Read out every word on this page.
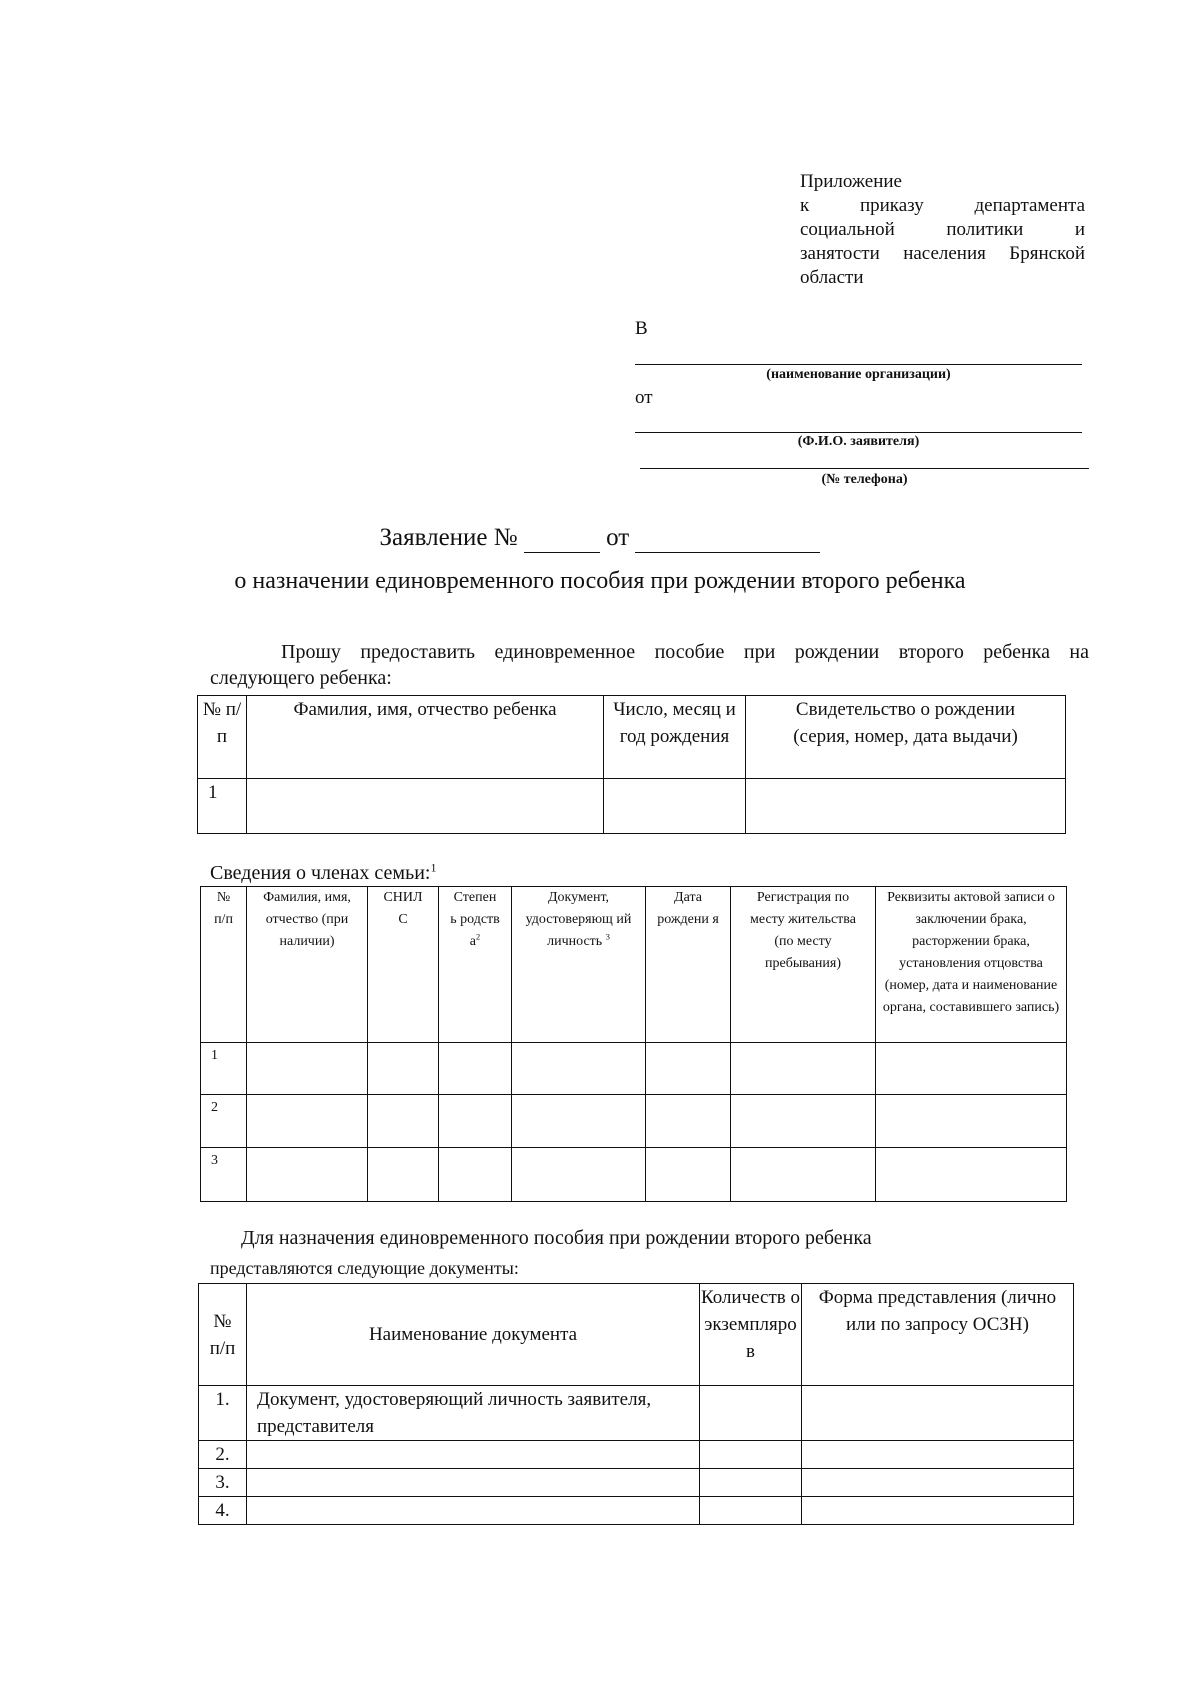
Приложение
к приказу департамента
социальной политики и
занятости населения Брянской
области
В
(наименование организации)
от
(Ф.И.О. заявителя)
(№ телефона)
Заявление №	от
о назначении единовременного пособия при рождении второго ребенка
Прошу предоставить единовременное пособие при рождении второго ребенка на
следующего ребенка:
№ п/ п	Фамилия, имя, отчество ребенка	Число, месяц и год рождения	Свидетельство о рождении (серия, номер, дата выдачи)
1			
Сведения о членах семьи:$^1$
№ п/п	Фамилия, имя, отчество (при наличии)	СНИЛ С	Степен ь родств $а^2$	Документ, удостоверяющ ий личность $^3$	Дата рождени я	Регистрация по месту жительства (по месту пребывания)	Реквизиты актовой записи о заключении брака, расторжении брака, установления отцовства (номер, дата и наименование органа, составившего запись)
1							
2							
3							
Для назначения единовременного пособия при рождении второго ребенка
представляются следующие документы:
№ п/п	Наименование документа	Количеств о экземпляро в	Форма представления (лично или по запросу ОСЗН)
1.	Документ, удостоверяющий личность заявителя, представителя		
2.			
3.			
4.			
